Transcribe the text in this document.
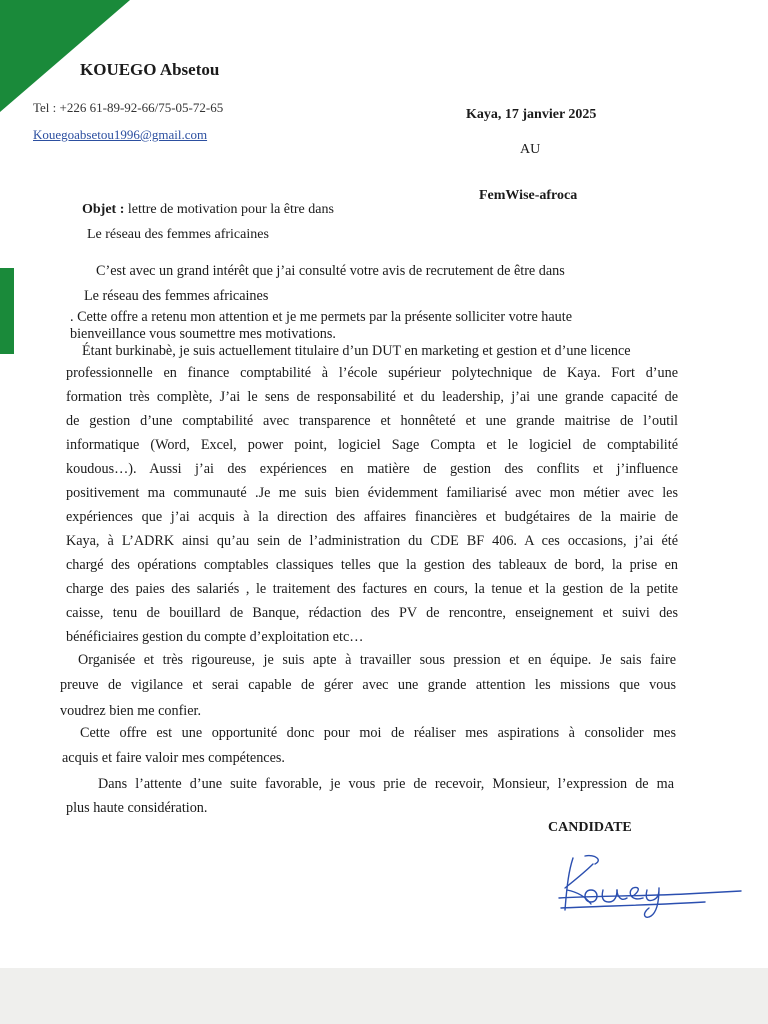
KOUEGO Absetou
Tel : +226 61-89-92-66/75-05-72-65
Kouegoabsetou1996@gmail.com
Kaya, 17 janvier 2025
AU
FemWise-afroca
Objet : lettre de motivation pour la être dans
Le réseau des femmes africaines
C’est avec un grand intérêt que j’ai consulté votre avis de recrutement de être dans
Le réseau des femmes africaines
. Cette offre a retenu mon attention et je me permets par la présente solliciter votre haute
bienveillance vous soumettre mes motivations.
Étant burkinabè, je suis actuellement titulaire d’un DUT en marketing et gestion et d’une licence
professionnelle en finance comptabilité à l’école supérieur polytechnique de Kaya. Fort d’une
formation très complète, J’ai le sens de responsabilité et du leadership, j’ai une grande capacité de
de gestion d’une comptabilité avec transparence et honnêteté et une grande maitrise de l’outil
informatique (Word, Excel, power point, logiciel Sage Compta et le logiciel de comptabilité
koudous…). Aussi j’ai des expériences en matière de gestion des conflits et j’influence
positivement ma communauté .Je me suis bien évidemment familiarisé avec mon métier avec les
expériences que j’ai acquis à la direction des affaires financières et budgétaires de la mairie de
Kaya, à L’ADRK ainsi qu’au sein de l’administration du CDE BF 406. A ces occasions, j’ai été
chargé des opérations comptables classiques telles que la gestion des tableaux de bord, la prise en
charge des paies des salariés , le traitement des factures en cours, la tenue et la gestion de la petite
caisse, tenu de bouillard de Banque, rédaction des PV de rencontre, enseignement et suivi des
bénéficiaires gestion du compte d’exploitation etc…
Organisée et très rigoureuse, je suis apte à travailler sous pression et en équipe. Je sais faire
preuve de vigilance et serai capable de gérer avec une grande attention les missions que vous
voudrez bien me confier.
Cette offre est une opportunité donc pour moi de réaliser mes aspirations à consolider mes
acquis et faire valoir mes compétences.
Dans l’attente d’une suite favorable, je vous prie de recevoir, Monsieur, l’expression de ma
plus haute considération.
CANDIDATE
